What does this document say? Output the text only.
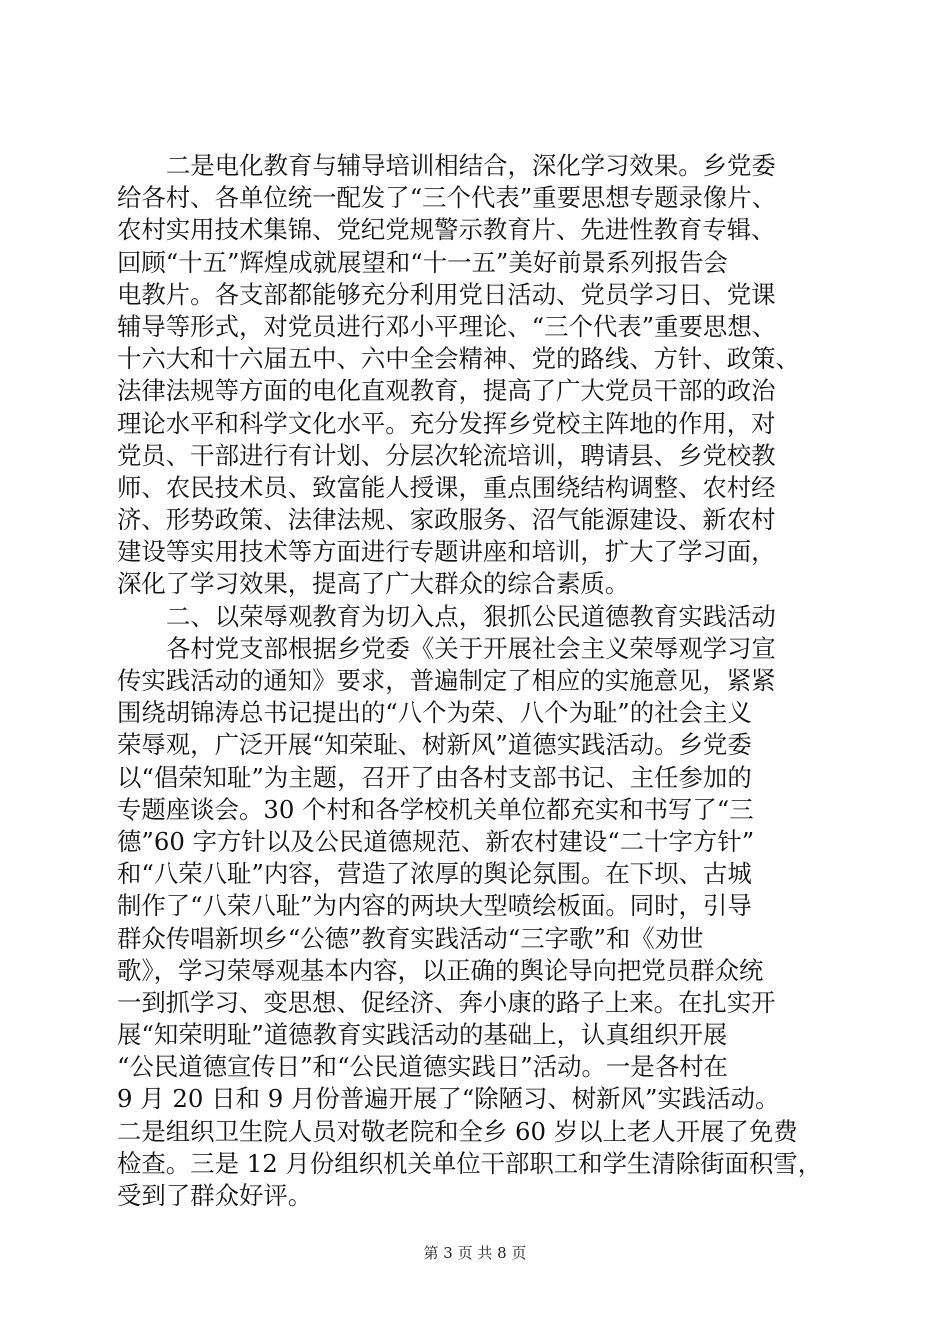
二是电化教育与辅导培训相结合，深化学习效果。乡党委
给各村、各单位统一配发了“三个代表”重要思想专题录像片、
农村实用技术集锦、党纪党规警示教育片、先进性教育专辑、
回顾“十五”辉煌成就展望和“十一五”美好前景系列报告会
电教片。各支部都能够充分利用党日活动、党员学习日、党课
辅导等形式，对党员进行邓小平理论、“三个代表”重要思想、
十六大和十六届五中、六中全会精神、党的路线、方针、政策、
法律法规等方面的电化直观教育，提高了广大党员干部的政治
理论水平和科学文化水平。充分发挥乡党校主阵地的作用，对
党员、干部进行有计划、分层次轮流培训，聘请县、乡党校教
师、农民技术员、致富能人授课，重点围绕结构调整、农村经
济、形势政策、法律法规、家政服务、沼气能源建设、新农村
建设等实用技术等方面进行专题讲座和培训，扩大了学习面，
深化了学习效果，提高了广大群众的综合素质。
二、以荣辱观教育为切入点，狠抓公民道德教育实践活动
各村党支部根据乡党委《关于开展社会主义荣辱观学习宣
传实践活动的通知》要求，普遍制定了相应的实施意见，紧紧
围绕胡锦涛总书记提出的“八个为荣、八个为耻”的社会主义
荣辱观，广泛开展“知荣耻、树新风”道德实践活动。乡党委
以“倡荣知耻”为主题，召开了由各村支部书记、主任参加的
专题座谈会。30 个村和各学校机关单位都充实和书写了“三
德”60 字方针以及公民道德规范、新农村建设“二十字方针”
和“八荣八耻”内容，营造了浓厚的舆论氛围。在下坝、古城
制作了“八荣八耻”为内容的两块大型喷绘板面。同时，引导
群众传唱新坝乡“公德”教育实践活动“三字歌”和《劝世
歌》，学习荣辱观基本内容，以正确的舆论导向把党员群众统
一到抓学习、变思想、促经济、奔小康的路子上来。在扎实开
展“知荣明耻”道德教育实践活动的基础上，认真组织开展
“公民道德宣传日”和“公民道德实践日”活动。一是各村在
9 月 20 日和 9 月份普遍开展了“除陋习、树新风”实践活动。
二是组织卫生院人员对敬老院和全乡 60 岁以上老人开展了免费
检查。三是 12 月份组织机关单位干部职工和学生清除街面积雪，
受到了群众好评。
第 3 页 共 8 页
